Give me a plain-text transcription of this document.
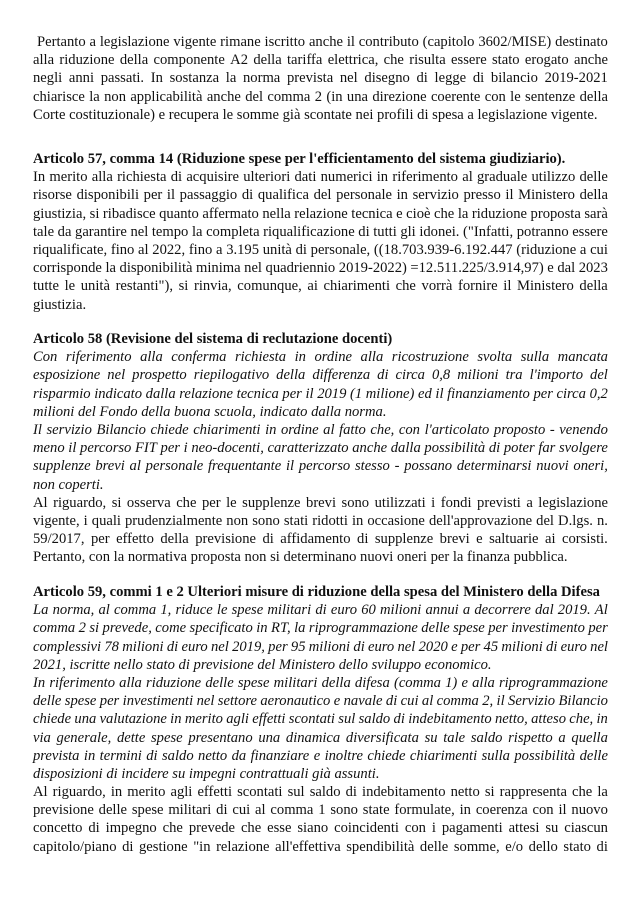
Pertanto a legislazione vigente rimane iscritto anche il contributo (capitolo 3602/MISE) destinato
alla riduzione della componente A2 della tariffa elettrica, che risulta essere stato erogato anche
negli anni passati. In sostanza la norma prevista nel disegno di legge di bilancio 2019-2021
chiarisce la non applicabilità anche del comma 2 (in una direzione coerente con le sentenze della
Corte costituzionale) e recupera le somme già scontate nei profili di spesa a legislazione vigente.
Articolo 57, comma 14 (Riduzione spese per l'efficientamento del sistema giudiziario).
In merito alla richiesta di acquisire ulteriori dati numerici in riferimento al graduale utilizzo delle
risorse disponibili per il passaggio di qualifica del personale in servizio presso il Ministero della
giustizia, si ribadisce quanto affermato nella relazione tecnica e cioè che la riduzione proposta sarà
tale da garantire nel tempo la completa riqualificazione di tutti gli idonei. ("Infatti, potranno essere
riqualificate, fino al 2022, fino a 3.195 unità di personale, ((18.703.939-6.192.447 (riduzione a cui
corrisponde la disponibilità minima nel quadriennio 2019-2022) =12.511.225/3.914,97) e dal 2023
tutte le unità restanti"), si rinvia, comunque, ai chiarimenti che vorrà fornire il Ministero della
giustizia.
Articolo 58 (Revisione del sistema di reclutazione docenti)
Con riferimento alla conferma richiesta in ordine alla ricostruzione svolta sulla mancata
esposizione nel prospetto riepilogativo della differenza di circa 0,8 milioni tra l'importo del
risparmio indicato dalla relazione tecnica per il 2019 (1 milione) ed il finanziamento per circa 0,2
milioni del Fondo della buona scuola, indicato dalla norma.
Il servizio Bilancio chiede chiarimenti in ordine al fatto che, con l'articolato proposto - venendo
meno il percorso FIT per i neo-docenti, caratterizzato anche dalla possibilità di poter far svolgere
supplenze brevi al personale frequentante il percorso stesso - possano determinarsi nuovi oneri,
non coperti.
Al riguardo, si osserva che per le supplenze brevi sono utilizzati i fondi previsti a legislazione
vigente, i quali prudenzialmente non sono stati ridotti in occasione dell'approvazione del D.lgs. n.
59/2017, per effetto della previsione di affidamento di supplenze brevi e saltuarie ai corsisti.
Pertanto, con la normativa proposta non si determinano nuovi oneri per la finanza pubblica.
Articolo 59, commi 1 e 2 Ulteriori misure di riduzione della spesa del Ministero della Difesa
La norma, al comma 1, riduce le spese militari di euro 60 milioni annui a decorrere dal 2019. Al
comma 2 si prevede, come specificato in RT, la riprogrammazione delle spese per investimento per
complessivi 78 milioni di euro nel 2019, per 95 milioni di euro nel 2020 e per 45 milioni di euro nel
2021, iscritte nello stato di previsione del Ministero dello sviluppo economico.
In riferimento alla riduzione delle spese militari della difesa (comma 1) e alla riprogrammazione
delle spese per investimenti nel settore aeronautico e navale di cui al comma 2, il Servizio Bilancio
chiede una valutazione in merito agli effetti scontati sul saldo di indebitamento netto, atteso che, in
via generale, dette spese presentano una dinamica diversificata su tale saldo rispetto a quella
prevista in termini di saldo netto da finanziare e inoltre chiede chiarimenti sulla possibilità delle
disposizioni di incidere su impegni contrattuali già assunti.
Al riguardo, in merito agli effetti scontati sul saldo di indebitamento netto si rappresenta che la
previsione delle spese militari di cui al comma 1 sono state formulate, in coerenza con il nuovo
concetto di impegno che prevede che esse siano coincidenti con i pagamenti attesi su ciascun
capitolo/piano di gestione "in relazione all'effettiva spendibilità delle somme, e/o dello stato di
